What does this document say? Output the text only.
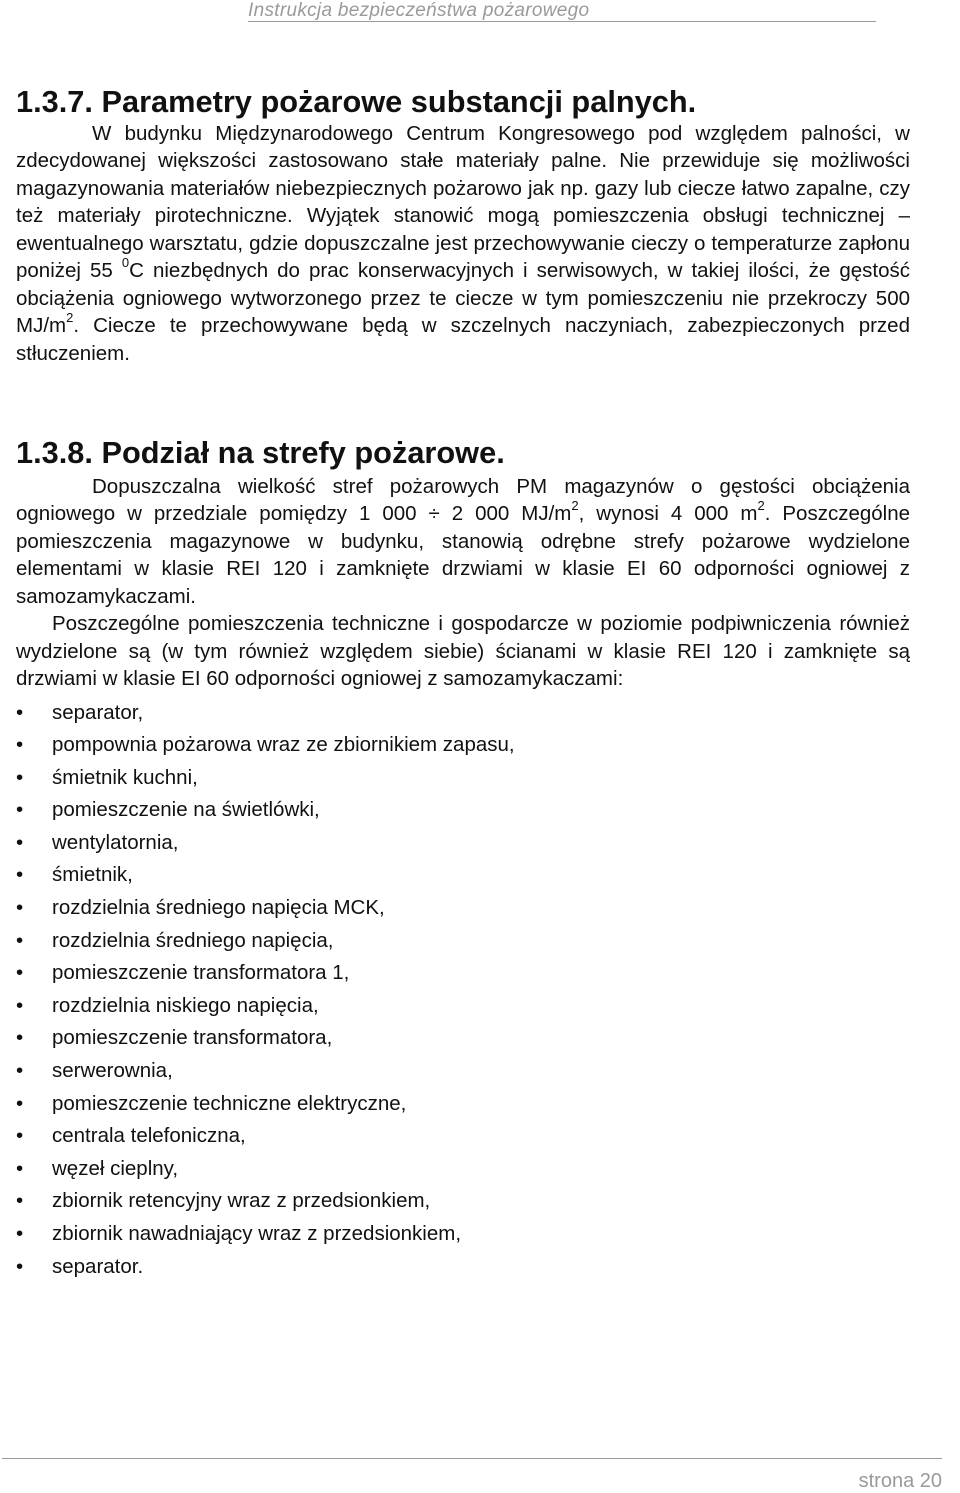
Instrukcja bezpieczeństwa pożarowego
1.3.7. Parametry pożarowe substancji palnych.

W budynku Międzynarodowego Centrum Kongresowego pod względem palności, w zdecydowanej większości zastosowano stałe materiały palne. Nie przewiduje się możliwości magazynowania materiałów niebezpiecznych pożarowo jak np. gazy lub ciecze łatwo zapalne, czy też materiały pirotechniczne. Wyjątek stanowić mogą pomieszczenia obsługi technicznej – ewentualnego warsztatu, gdzie dopuszczalne jest przechowywanie cieczy o temperaturze zapłonu poniżej 55 $^0$C niezbędnych do prac konserwacyjnych i serwisowych, w takiej ilości, że gęstość obciążenia ogniowego wytworzonego przez te ciecze w tym pomieszczeniu nie przekroczy 500 $MJ/m^2$. Ciecze te przechowywane będą w szczelnych naczyniach, zabezpieczonych przed stłuczeniem.

1.3.8. Podział na strefy pożarowe.

Dopuszczalna wielkość stref pożarowych PM magazynów o gęstości obciążenia ogniowego w przedziale pomiędzy 1 000 ÷ 2 000 $MJ/m^2$, wynosi 4 000 $m^2$. Poszczególne pomieszczenia magazynowe w budynku, stanowią odrębne strefy pożarowe wydzielone elementami w klasie REI 120 i zamknięte drzwiami w klasie EI 60 odporności ogniowej z samozamykaczami.

Poszczególne pomieszczenia techniczne i gospodarcze w poziomie podpiwniczenia również wydzielone są (w tym również względem siebie) ścianami w klasie REI 120 i zamknięte są drzwiami w klasie EI 60 odporności ogniowej z samozamykaczami:

•	separator,
•	pompownia pożarowa wraz ze zbiornikiem zapasu,
•	śmietnik kuchni,
•	pomieszczenie na świetlówki,
•	wentylatornia,
•	śmietnik,
•	rozdzielnia średniego napięcia MCK,
•	rozdzielnia średniego napięcia,
•	pomieszczenie transformatora 1,
•	rozdzielnia niskiego napięcia,
•	pomieszczenie transformatora,
•	serwerownia,
•	pomieszczenie techniczne elektryczne,
•	centrala telefoniczna,
•	węzeł cieplny,
•	zbiornik retencyjny wraz z przedsionkiem,
•	zbiornik nawadniający wraz z przedsionkiem,
•	separator.
strona 20
